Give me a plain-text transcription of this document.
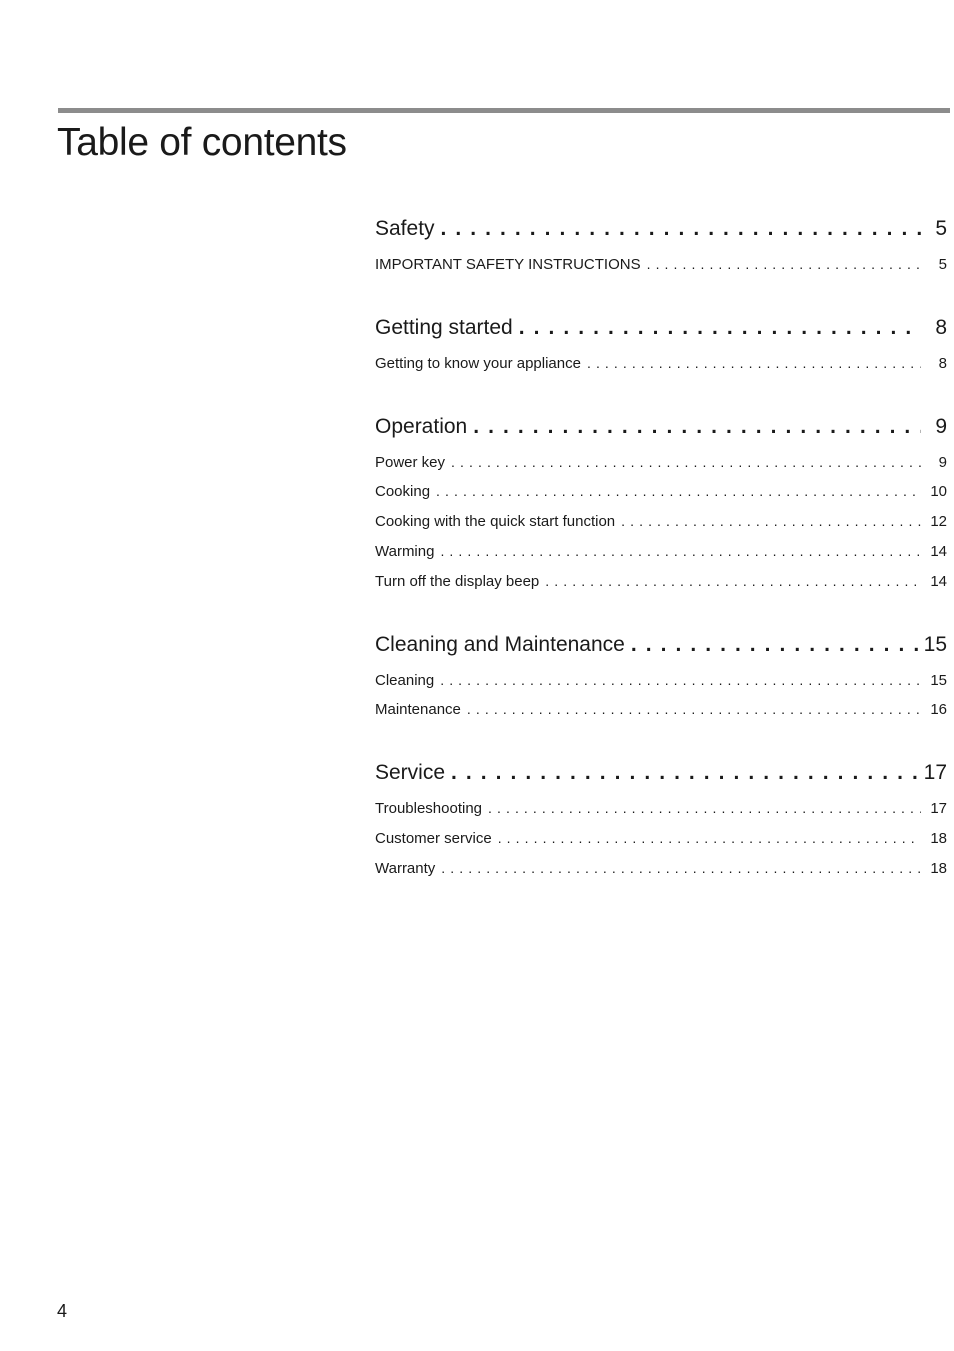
Table of contents
Safety . . .	5
IMPORTANT SAFETY INSTRUCTIONS . . .	5
Getting started . . .	8
Getting to know your appliance . . .	8
Operation . . .	9
Power key . . .	9
Cooking . . .	10
Cooking with the quick start function . . .	12
Warming . . .	14
Turn off the display beep . . .	14
Cleaning and Maintenance . . .	15
Cleaning . . .	15
Maintenance . . .	16
Service . . .	17
Troubleshooting . . .	17
Customer service . . .	18
Warranty . . .	18
4
